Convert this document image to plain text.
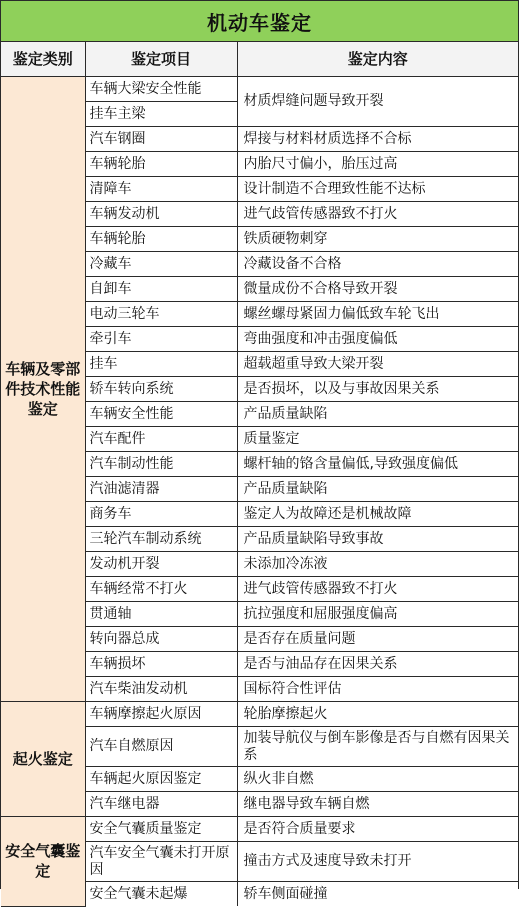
机动车鉴定
鉴定类别	鉴定项目	鉴定内容
车辆及零部件技术性能鉴定	车辆大梁安全性能	材质焊缝问题导致开裂
	挂车主梁	
	汽车钢圈	焊接与材料材质选择不合标
	车辆轮胎	内胎尺寸偏小，胎压过高
	清障车	设计制造不合理致性能不达标
	车辆发动机	进气歧管传感器致不打火
	车辆轮胎	铁质硬物刺穿
	冷藏车	冷藏设备不合格
	自卸车	微量成份不合格导致开裂
	电动三轮车	螺丝螺母紧固力偏低致车轮飞出
	牵引车	弯曲强度和冲击强度偏低
	挂车	超载超重导致大梁开裂
	轿车转向系统	是否损坏，以及与事故因果关系
	车辆安全性能	产品质量缺陷
	汽车配件	质量鉴定
	汽车制动性能	螺杆轴的铬含量偏低,导致强度偏低
	汽油滤清器	产品质量缺陷
	商务车	鉴定人为故障还是机械故障
	三轮汽车制动系统	产品质量缺陷导致事故
	发动机开裂	未添加冷冻液
	车辆经常不打火	进气歧管传感器致不打火
	贯通轴	抗拉强度和屈服强度偏高
	转向器总成	是否存在质量问题
	车辆损坏	是否与油品存在因果关系
	汽车柴油发动机	国标符合性评估
起火鉴定	车辆摩擦起火原因	轮胎摩擦起火
	汽车自燃原因	加装导航仪与倒车影像是否与自燃有因果关系
	车辆起火原因鉴定	纵火非自燃
	汽车继电器	继电器导致车辆自燃
安全气囊鉴定	安全气囊质量鉴定	是否符合质量要求
	汽车安全气囊未打开原因	撞击方式及速度导致未打开
	安全气囊未起爆	轿车侧面碰撞
